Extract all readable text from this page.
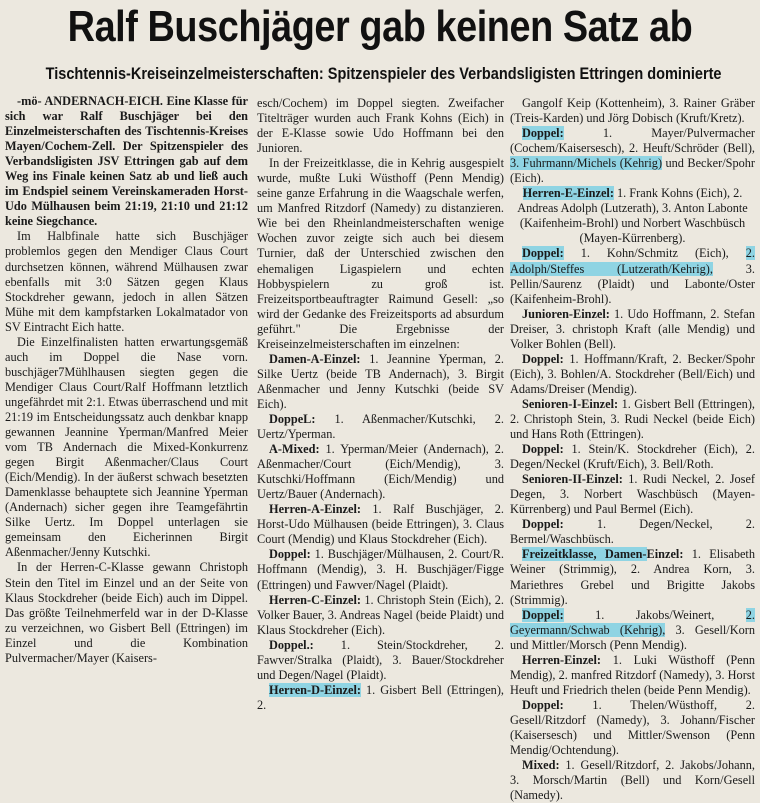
Ralf Buschjäger gab keinen Satz ab
Tischtennis-Kreiseinzelmeisterschaften: Spitzenspieler des Verbandsligisten Ettringen dominierte

-mö- ANDERNACH-EICH. Eine Klasse für sich war Ralf Buschjäger bei den Einzelmeisterschaften des Tischtennis-Kreises Mayen/Cochem-Zell. Der Spitzenspieler des Verbandsligisten JSV Ettringen gab auf dem Weg ins Finale keinen Satz ab und ließ auch im Endspiel seinem Vereinskameraden Horst-Udo Mülhausen beim 21:19, 21:10 und 21:12 keine Siegchance.

Im Halbfinale hatte sich Buschjäger problemlos gegen den Mendiger Claus Court durchsetzen können, während Mülhausen zwar ebenfalls mit 3:0 Sätzen gegen Klaus Stockdreher gewann, jedoch in allen Sätzen Mühe mit dem kampfstarken Lokalmatador von SV Eintracht Eich hatte.

Die Einzelfinalisten hatten erwartungsgemäß auch im Doppel die Nase vorn. buschjäger7Mühlhausen siegten gegen die Mendiger Claus Court/Ralf Hoffmann letztlich ungefährdet mit 2:1. Etwas überraschend und mit 21:19 im Entscheidungssatz auch denkbar knapp gewannen Jeannine Yperman/Manfred Meier vom TB Andernach die Mixed-Konkurrenz gegen Birgit Aßenmacher/Claus Court (Eich/Mendig). In der äußerst schwach besetzten Damenklasse behauptete sich Jeannine Yperman (Andernach) sicher gegen ihre Teamgefährtin Silke Uertz. Im Doppel unterlagen sie gemeinsam den Eicherinnen Birgit Aßenmacher/Jenny Kutschki.

In der Herren-C-Klasse gewann Christoph Stein den Titel im Einzel und an der Seite von Klaus Stockdreher (beide Eich) auch im Dippel. Das größte Teilnehmerfeld war in der D-Klasse zu verzeichnen, wo Gisbert Bell (Ettringen) im Einzel und die Kombination Pulvermacher/Mayer (Kaisers-

esch/Cochem) im Doppel siegten. Zweifacher Titelträger wurden auch Frank Kohns (Eich) in der E-Klasse sowie Udo Hoffmann bei den Junioren.

In der Freizeitklasse, die in Kehrig ausgespielt wurde, mußte Luki Wüsthoff (Penn Mendig) seine ganze Erfahrung in die Waagschale werfen, um Manfred Ritzdorf (Namedy) zu distanzieren. Wie bei den Rheinlandmeisterschaften wenige Wochen zuvor zeigte sich auch bei diesem Turnier, daß der Unterschied zwischen den ehemaligen Ligaspielern und echten Hobbyspielern zu groß ist. Freizeitsportbeauftragter Raimund Gesell: „so wird der Gedanke des Freizeitsports ad absurdum geführt." Die Ergebnisse der Kreiseinzelmeisterschaften im einzelnen:

Damen-A-Einzel: 1. Jeannine Yperman, 2. Silke Uertz (beide TB Andernach), 3. Birgit Aßenmacher und Jenny Kutschki (beide SV Eich).

DoppeL: 1. Aßenmacher/Kutschki, 2. Uertz/Yperman.

A-Mixed: 1. Yperman/Meier (Andernach), 2. Aßenmacher/Court (Eich/Mendig), 3. Kutschki/Hoffmann (Eich/Mendig) und Uertz/Bauer (Andernach).

Herren-A-Einzel: 1. Ralf Buschjäger, 2. Horst-Udo Mülhausen (beide Ettringen), 3. Claus Court (Mendig) und Klaus Stockdreher (Eich).

Doppel: 1. Buschjäger/Mülhausen, 2. Court/R. Hoffmann (Mendig), 3. H. Buschjäger/Figge (Ettringen) und Fawver/Nagel (Plaidt).

Herren-C-Einzel: 1. Christoph Stein (Eich), 2. Volker Bauer, 3. Andreas Nagel (beide Plaidt) und Klaus Stockdreher (Eich).

Doppel.: 1. Stein/Stockdreher, 2. Fawver/Stralka (Plaidt), 3. Bauer/Stockdreher und Degen/Nagel (Plaidt).

Herren-D-Einzel: 1. Gisbert Bell (Ettringen), 2.

Gangolf Keip (Kottenheim), 3. Rainer Gräber (Treis-Karden) und Jörg Dobisch (Kruft/Kretz).

Doppel: 1. Mayer/Pulvermacher (Cochem/Kaisersesch), 2. Heuft/Schröder (Bell), 3. Fuhrmann/Michels (Kehrig) und Becker/Spohr (Eich).

Herren-E-Einzel: 1. Frank Kohns (Eich), 2. Andreas Adolph (Lutzerath), 3. Anton Labonte (Kaifenheim-Brohl) und Norbert Waschbüsch (Mayen-Kürrenberg).

Doppel: 1. Kohn/Schmitz (Eich), 2. Adolph/Steffes (Lutzerath/Kehrig), 3. Pellin/Saurenz (Plaidt) und Labonte/Oster (Kaifenheim-Brohl).

Junioren-Einzel: 1. Udo Hoffmann, 2. Stefan Dreiser, 3. christoph Kraft (alle Mendig) und Volker Bohlen (Bell).

Doppel: 1. Hoffmann/Kraft, 2. Becker/Spohr (Eich), 3. Bohlen/A. Stockdreher (Bell/Eich) und Adams/Dreiser (Mendig).

Senioren-I-Einzel: 1. Gisbert Bell (Ettringen), 2. Christoph Stein, 3. Rudi Neckel (beide Eich) und Hans Roth (Ettringen).

Doppel: 1. Stein/K. Stockdreher (Eich), 2. Degen/Neckel (Kruft/Eich), 3. Bell/Roth.

Senioren-II-Einzel: 1. Rudi Neckel, 2. Josef Degen, 3. Norbert Waschbüsch (Mayen-Kürrenberg) und Paul Bermel (Eich).

Doppel: 1. Degen/Neckel, 2. Bermel/Waschbüsch.

Freizeitklasse, Damen-Einzel: 1. Elisabeth Weiner (Strimmig), 2. Andrea Korn, 3. Mariethres Grebel und Brigitte Jakobs (Strimmig).

Doppel: 1. Jakobs/Weinert, 2. Geyermann/Schwab (Kehrig), 3. Gesell/Korn und Mittler/Morsch (Penn Mendig).

Herren-Einzel: 1. Luki Wüsthoff (Penn Mendig), 2. manfred Ritzdorf (Namedy), 3. Horst Heuft und Friedrich thelen (beide Penn Mendig).

Doppel: 1. Thelen/Wüsthoff, 2. Gesell/Ritzdorf (Namedy), 3. Johann/Fischer (Kaisersesch) und Mittler/Swenson (Penn Mendig/Ochtendung).

Mixed: 1. Gesell/Ritzdorf, 2. Jakobs/Johann, 3. Morsch/Martin (Bell) und Korn/Gesell (Namedy).
